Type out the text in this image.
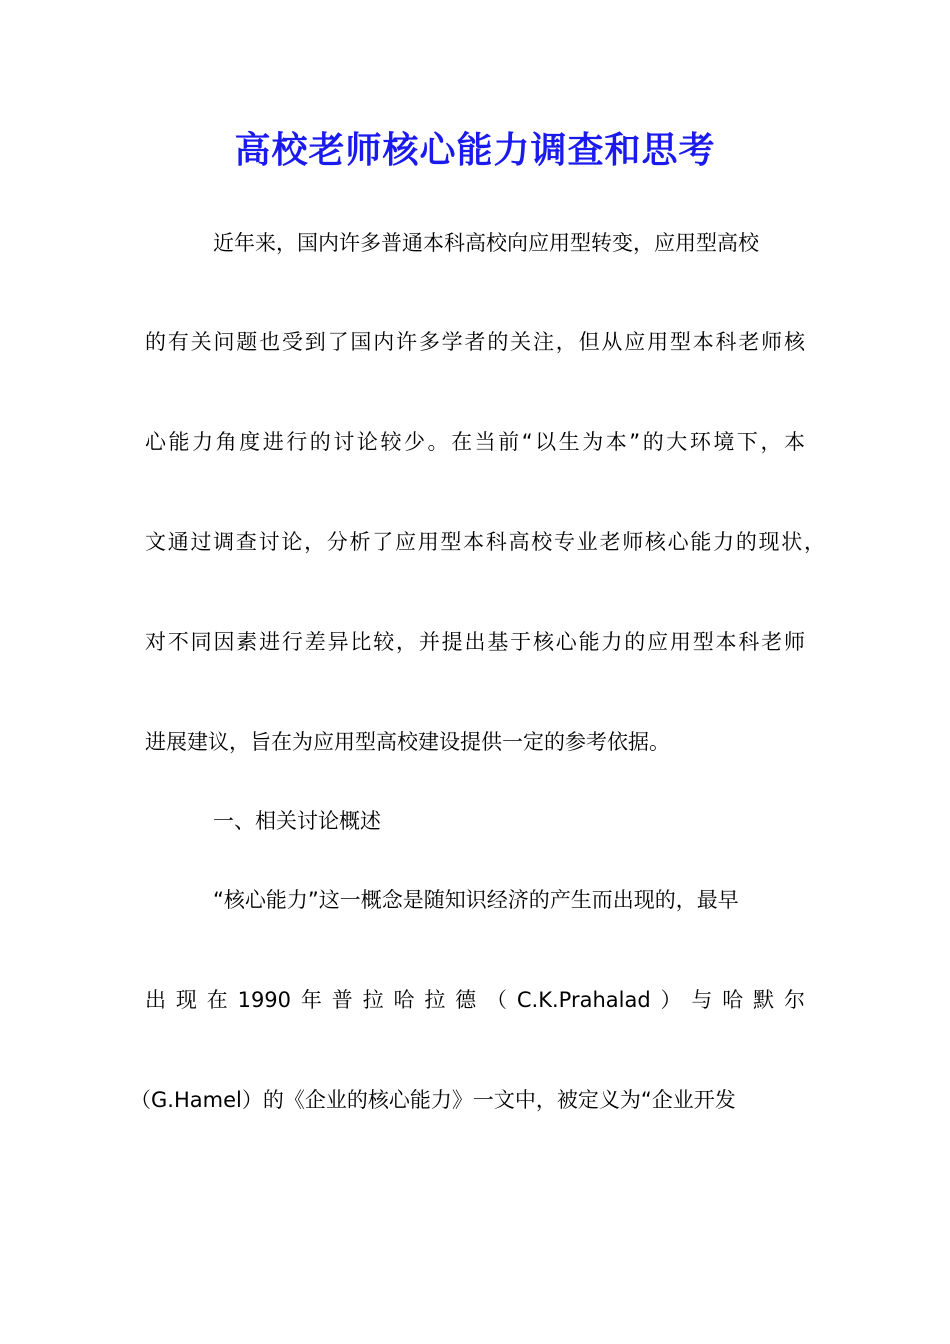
高校老师核心能力调查和思考
近年来，国内许多普通本科高校向应用型转变，应用型高校
的有关问题也受到了国内许多学者的关注，但从应用型本科老师核
心能力角度进行的讨论较少。在当前“以生为本”的大环境下，本
文通过调查讨论，分析了应用型本科高校专业老师核心能力的现状，
对不同因素进行差异比较，并提出基于核心能力的应用型本科老师
进展建议，旨在为应用型高校建设提供一定的参考依据。
一、相关讨论概述
“核心能力”这一概念是随知识经济的产生而出现的，最早
出现在1990年普拉哈拉德（C.K.Prahalad）与哈默尔
（G.Hamel）的《企业的核心能力》一文中，被定义为“企业开发
